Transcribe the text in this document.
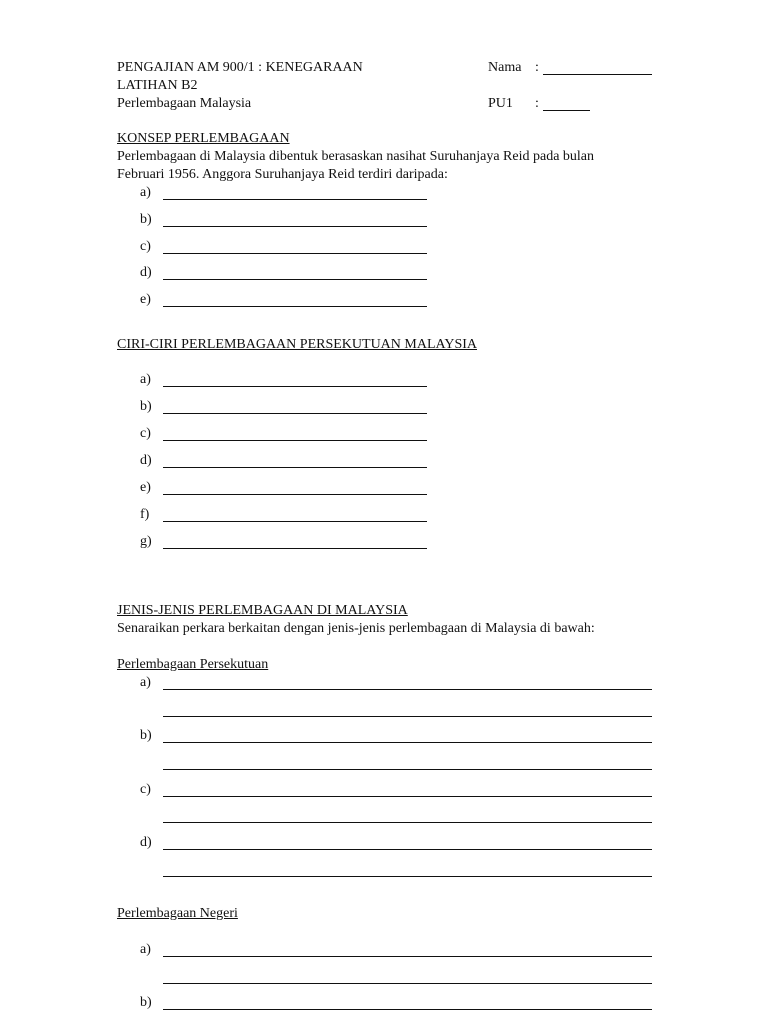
PENGAJIAN AM 900/1 : KENEGARAAN
LATIHAN B2
Perlembagaan Malaysia
Nama :
PU1 :
KONSEP PERLEMBAGAAN
Perlembagaan di Malaysia dibentuk berasaskan nasihat Suruhanjaya Reid pada bulan
Februari 1956. Anggora Suruhanjaya Reid terdiri daripada:
a)
b)
c)
d)
e)
CIRI-CIRI PERLEMBAGAAN PERSEKUTUAN MALAYSIA
a)
b)
c)
d)
e)
f)
g)
JENIS-JENIS PERLEMBAGAAN DI MALAYSIA
Senaraikan perkara berkaitan dengan jenis-jenis perlembagaan di Malaysia di bawah:
Perlembagaan Persekutuan
a)
b)
c)
d)
Perlembagaan Negeri
a)
b)
